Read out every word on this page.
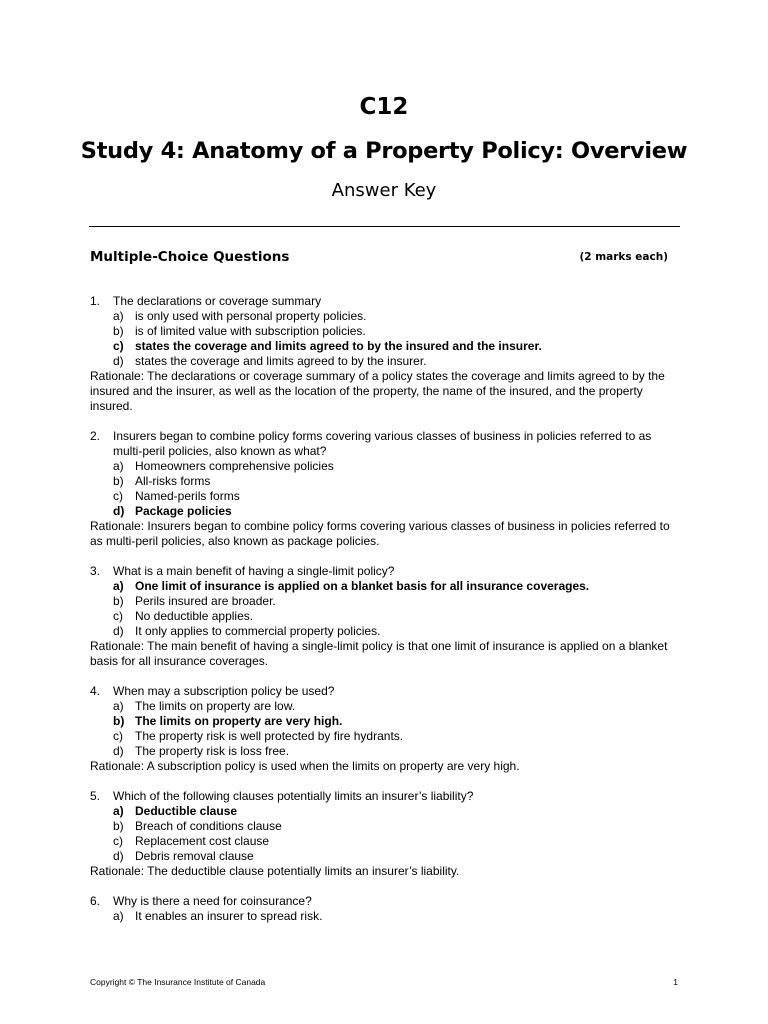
C12
Study 4: Anatomy of a Property Policy: Overview
Answer Key
Multiple-Choice Questions	(2 marks each)
1.	The declarations or coverage summary
a) is only used with personal property policies.
b) is of limited value with subscription policies.
c) states the coverage and limits agreed to by the insured and the insurer.
d) states the coverage and limits agreed to by the insurer.
Rationale: The declarations or coverage summary of a policy states the coverage and limits agreed to by the insured and the insurer, as well as the location of the property, the name of the insured, and the property insured.
2.	Insurers began to combine policy forms covering various classes of business in policies referred to as multi-peril policies, also known as what?
a) Homeowners comprehensive policies
b) All-risks forms
c)	Named-perils forms
d) Package policies
Rationale: Insurers began to combine policy forms covering various classes of business in policies referred to as multi-peril policies, also known as package policies.
3.	What is a main benefit of having a single-limit policy?
a) One limit of insurance is applied on a blanket basis for all insurance coverages.
b) Perils insured are broader.
c)	No deductible applies.
d) It only applies to commercial property policies.
Rationale: The main benefit of having a single-limit policy is that one limit of insurance is applied on a blanket basis for all insurance coverages.
4.	When may a subscription policy be used?
a) The limits on property are low.
b) The limits on property are very high.
c)	The property risk is well protected by fire hydrants.
d) The property risk is loss free.
Rationale: A subscription policy is used when the limits on property are very high.
5.	Which of the following clauses potentially limits an insurer’s liability?
a) Deductible clause
b) Breach of conditions clause
c)	Replacement cost clause
d) Debris removal clause
Rationale: The deductible clause potentially limits an insurer’s liability.
6.	Why is there a need for coinsurance?
a) It enables an insurer to spread risk.
Copyright © The Insurance Institute of Canada	1
